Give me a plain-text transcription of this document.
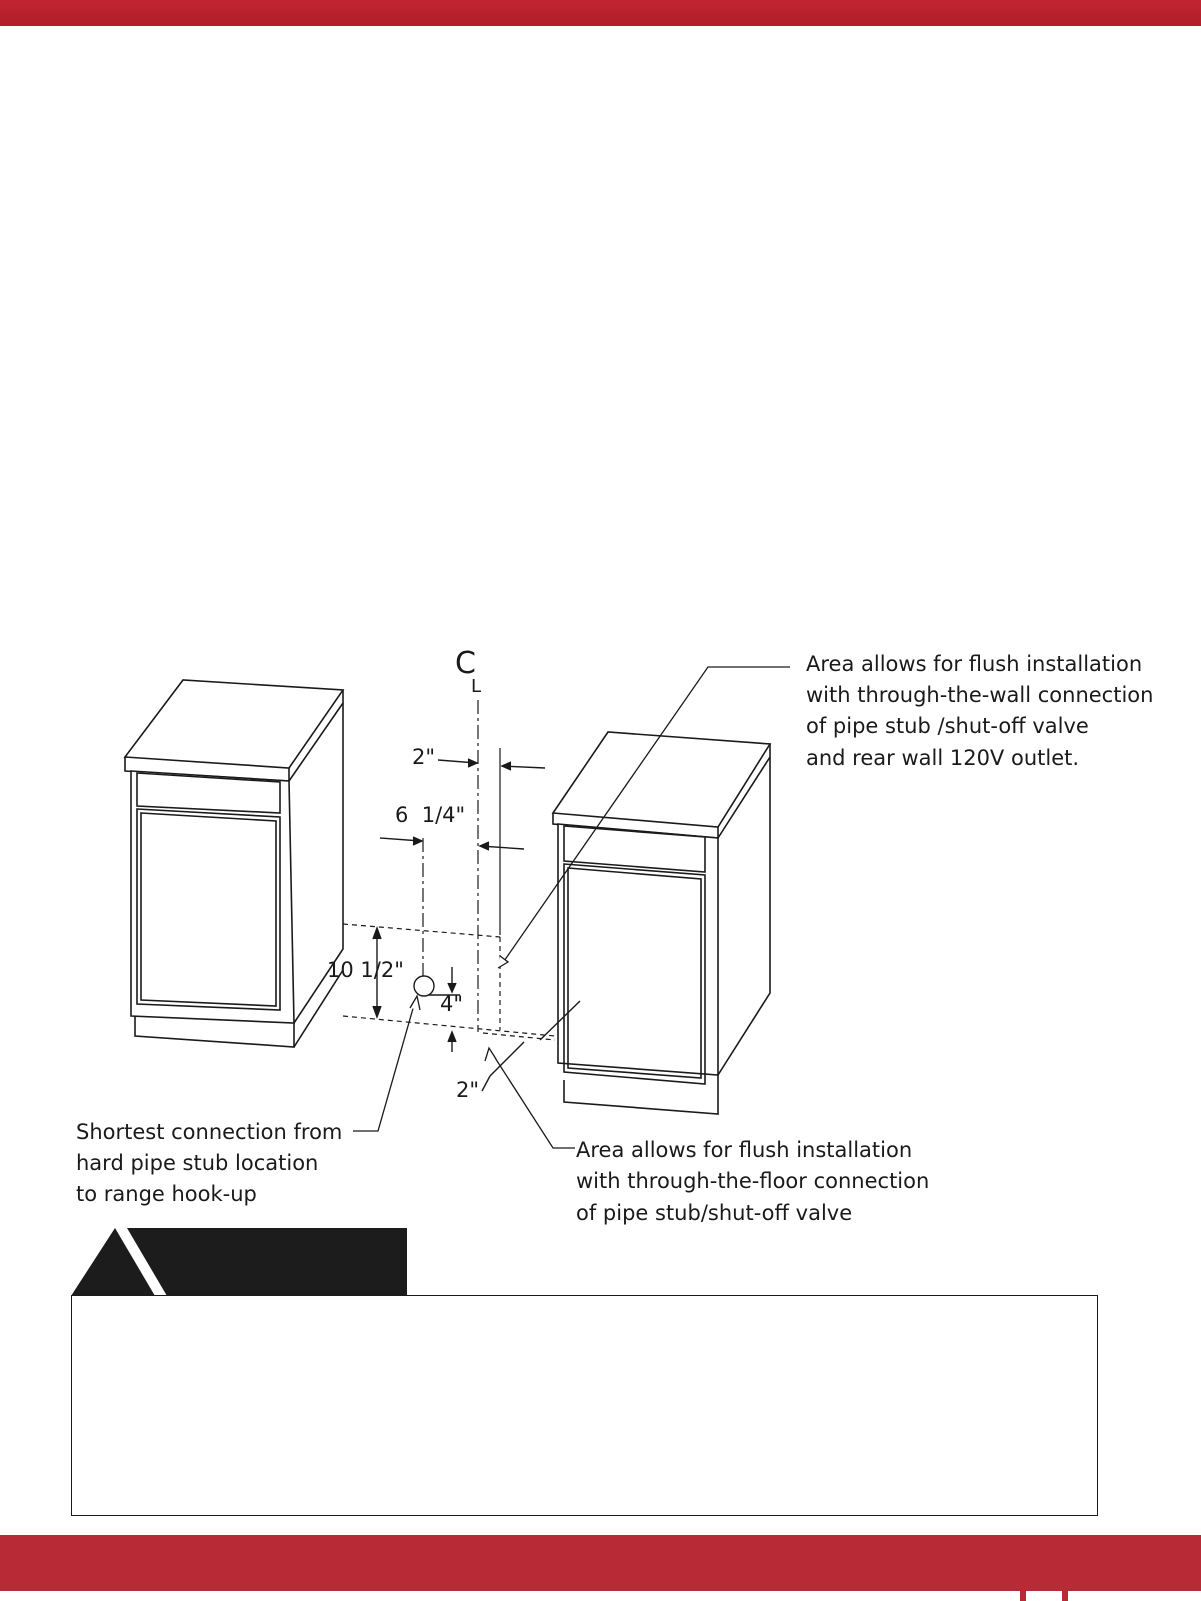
C
L
2"
6  1/4"
10 1/2"
4"
2"
Area allows for flush installation
with through-the-wall connection
of pipe stub /shut-off valve
and rear wall 120V outlet.
Shortest connection from
hard pipe stub location
to range hook-up
Area allows for flush installation
with through-the-floor connection
of pipe stub/shut-off valve
